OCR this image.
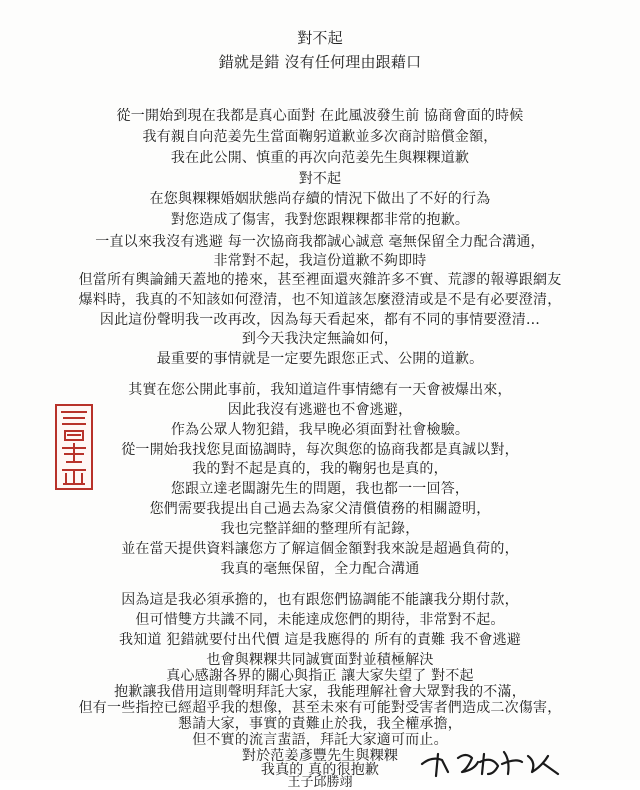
對不起
錯就是錯 沒有任何理由跟藉口
從一開始到現在我都是真心面對 在此風波發生前 協商會面的時候
我有親自向范姜先生當面鞠躬道歉並多次商討賠償金額，
我在此公開、慎重的再次向范姜先生與粿粿道歉
對不起
在您與粿粿婚姻狀態尚存續的情況下做出了不好的行為
對您造成了傷害，我對您跟粿粿都非常的抱歉。
一直以來我沒有逃避 每一次協商我都誠心誠意 毫無保留全力配合溝通，
非常對不起，我這份道歉不夠即時
但當所有輿論鋪天蓋地的捲來，甚至裡面還夾雜許多不實、荒謬的報導跟網友
爆料時，我真的不知該如何澄清，也不知道該怎麼澄清或是不是有必要澄清，
因此這份聲明我一改再改，因為每天看起來，都有不同的事情要澄清…
到今天我決定無論如何，
最重要的事情就是一定要先跟您正式、公開的道歉。
其實在您公開此事前，我知道這件事情總有一天會被爆出來，
因此我沒有逃避也不會逃避，
作為公眾人物犯錯，我早晚必須面對社會檢驗。
從一開始我找您見面協調時，每次與您的協商我都是真誠以對，
我的對不起是真的，我的鞠躬也是真的，
您跟立達老闆謝先生的問題，我也都一一回答，
您們需要我提出自己過去為家父清償債務的相關證明，
我也完整詳細的整理所有記錄，
並在當天提供資料讓您方了解這個金額對我來說是超過負荷的，
我真的毫無保留，全力配合溝通
因為這是我必須承擔的，也有跟您們協調能不能讓我分期付款，
但可惜雙方共識不同，未能達成您們的期待，非常對不起。
我知道 犯錯就要付出代價 這是我應得的 所有的責難 我不會逃避
也會與粿粿共同誠實面對並積極解決
真心感謝各界的關心與指正 讓大家失望了 對不起
抱歉讓我借用這則聲明拜託大家，我能理解社會大眾對我的不滿，
但有一些指控已經超乎我的想像，甚至未來有可能對受害者們造成二次傷害，
懇請大家，事實的責難止於我，我全權承擔，
但不實的流言蜚語，拜託大家適可而止。
對於范姜彥豐先生與粿粿
我真的 真的很抱歉
王子邱勝翊
